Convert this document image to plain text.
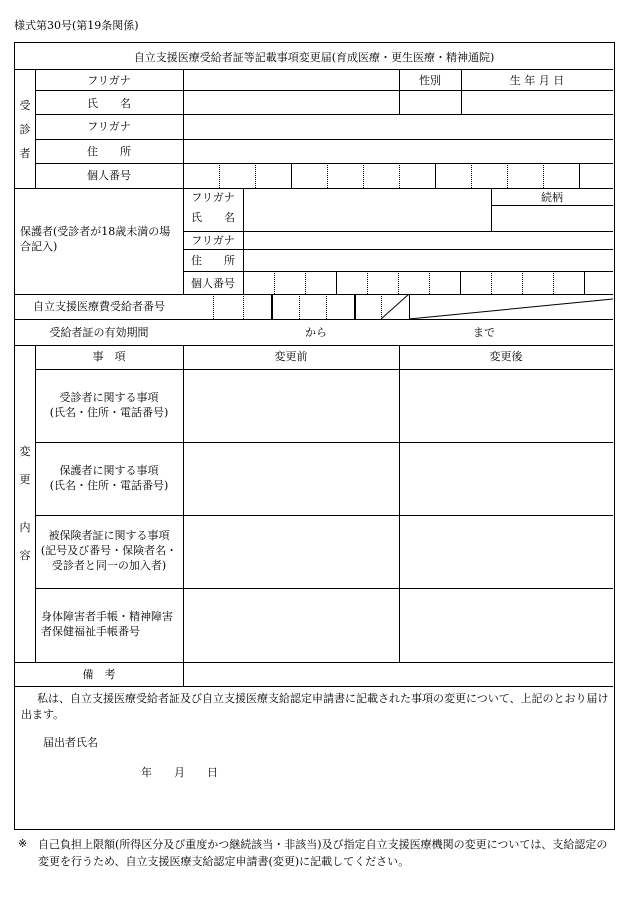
様式第30号(第19条関係)
自立支援医療受給者証等記載事項変更届(育成医療・更生医療・精神通院)
受
診
者
フリガナ	性別	生 年 月 日
氏　　名
フリガナ
住　　所
個人番号
保護者(受診者が18歳未満の場合記入)
フリガナ	続柄
氏　　名
フリガナ
住　　所
個人番号
自立支援医療費受給者番号
受給者証の有効期間	から	まで
変
更
内
容
事　項	変更前	変更後
受診者に関する事項
(氏名・住所・電話番号)
保護者に関する事項
(氏名・住所・電話番号)
被保険者証に関する事項
(記号及び番号・保険者名・
受診者と同一の加入者)
身体障害者手帳・精神障害
者保健福祉手帳番号
備　考
私は、自立支援医療受給者証及び自立支援医療支給認定申請書に記載された事項の変更について、上記のとおり届け出ます。
届出者氏名
年　　月　　日
※ 自己負担上限額(所得区分及び重度かつ継続該当・非該当)及び指定自立支援医療機関の変更については、支給認定の変更を行うため、自立支援医療支給認定申請書(変更)に記載してください。
